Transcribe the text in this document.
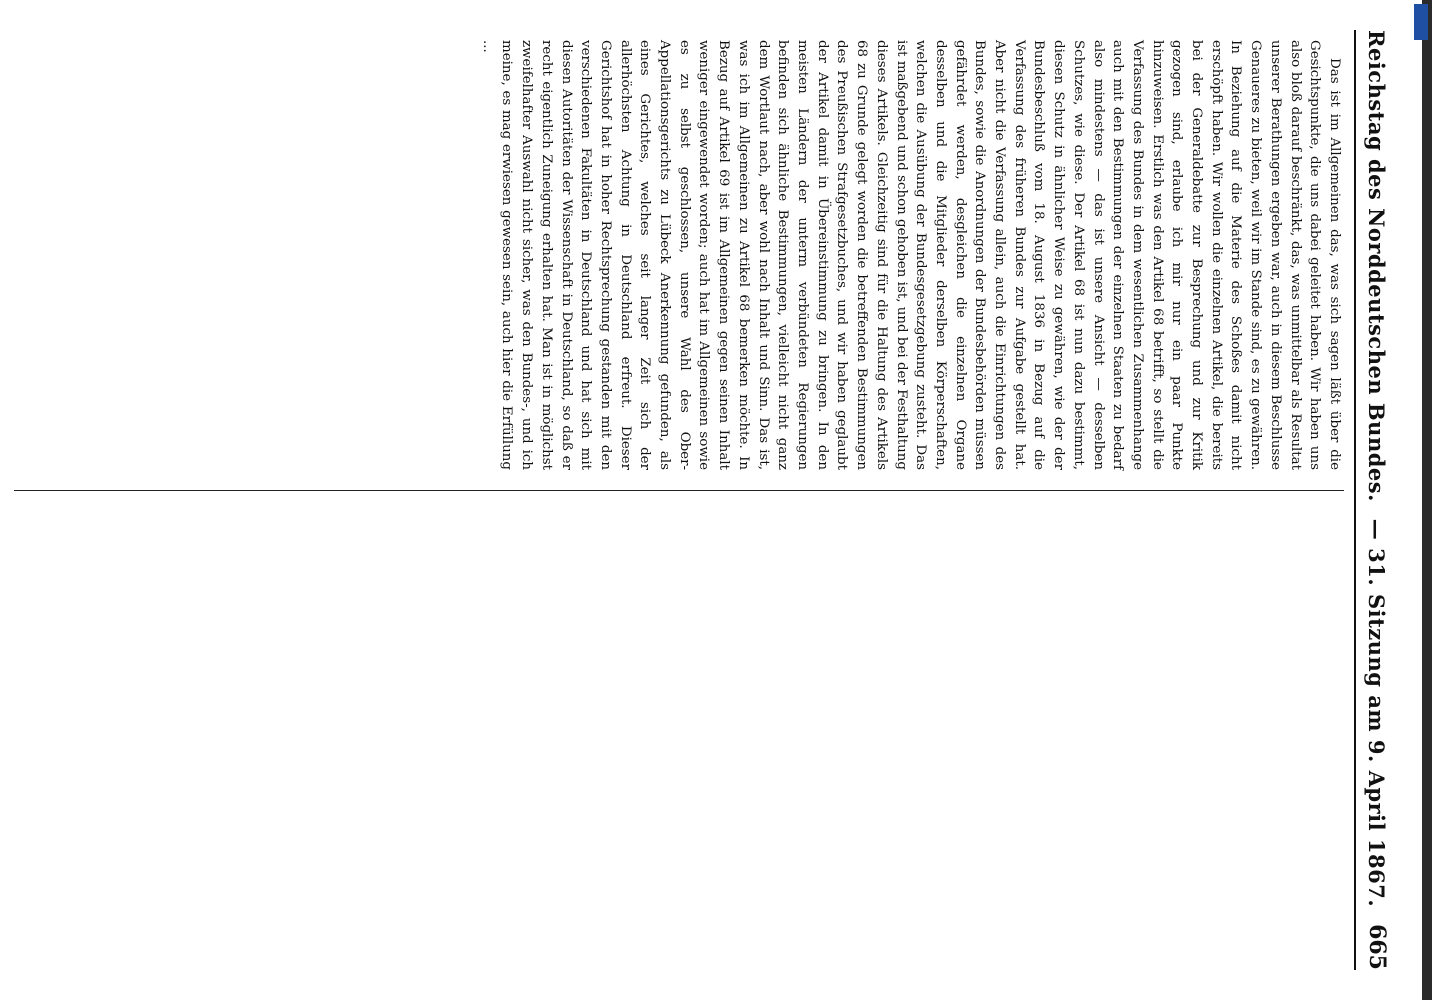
Reichstag des Norddeutschen Bundes.
— 31. Sitzung am 9. April 1867.
665

Das ist im Allgemeinen das, was sich sagen läßt über die Gesichtspunkte, die uns dabei geleitet haben. Wir haben uns also bloß darauf beschränkt, das, was unmittelbar als Resultat unserer Berathungen ergeben war, auch in diesem Beschlusse Genaueres zu bieten, weil wir im Stande sind, es zu gewähren. In Beziehung auf die Materie des Schoßes damit nicht erschöpft haben. Wir wollen die einzelnen Artikel, die bereits bei der Generaldebatte zur Besprechung und zur Kritik gezogen sind, erlaube ich mir nur ein paar Punkte hinzuweisen. Erstlich was den Artikel 68 betrifft, so stellt die Verfassung des Bundes in dem wesentlichen Zusammenhange auch mit den Bestimmungen der einzelnen Staaten zu bedarf also mindestens — das ist unsere Ansicht — desselben Schutzes, wie diese. Der Artikel 68 ist nun dazu bestimmt, diesen Schutz in ähnlicher Weise zu gewähren, wie der der Bundesbeschluß vom 18. August 1836 in Bezug auf die Verfassung des früheren Bundes zur Aufgabe gestellt hat. Aber nicht die Verfassung allein, auch die Einrichtungen des Bundes, sowie die Anordnungen der Bundesbehörden müssen gefährdet werden, desgleichen die einzelnen Organe desselben und die Mitglieder derselben Körperschaften, welchen die Ausübung der Bundesgesetzgebung zusteht. Das ist maßgebend und schon gehoben ist, und bei der Festhaltung dieses Artikels. Gleichzeitig sind für die Haltung des Artikels 68 zu Grunde gelegt worden die betreffenden Bestimmungen des Preußischen Strafgesetzbuches, und wir haben geglaubt der Artikel damit in Übereinstimmung zu bringen. In den meisten Ländern der unterm verbündeten Regierungen befinden sich ähnliche Bestimmungen, vielleicht nicht ganz dem Wortlaut nach, aber wohl nach Inhalt und Sinn. Das ist, was ich im Allgemeinen zu Artikel 68 bemerken möchte. In Bezug auf Artikel 69 ist im Allgemeinen gegen seinen Inhalt weniger eingewendet worden; auch hat im Allgemeinen sowie es zu selbst geschlossen, unsere Wahl des Ober-Appellationsgerichts zu Lübeck Anerkennung gefunden, als eines Gerichtes, welches seit langer Zeit sich der allerhöchsten Achtung in Deutschland erfreut. Dieser Gerichtshof hat in hoher Rechtsprechung gestanden mit den verschiedenen Fakultäten in Deutschland und hat sich mit diesen Autoritäten der Wissenschaft in Deutschland, so daß er recht eigentlich Zuneigung erhalten hat. Man ist in möglichst zweifelhafter Auswahl nicht sicher, was den Bundes-, und ich meine, es mag erwiesen gewesen sein, auch hier die Erfüllung ...
